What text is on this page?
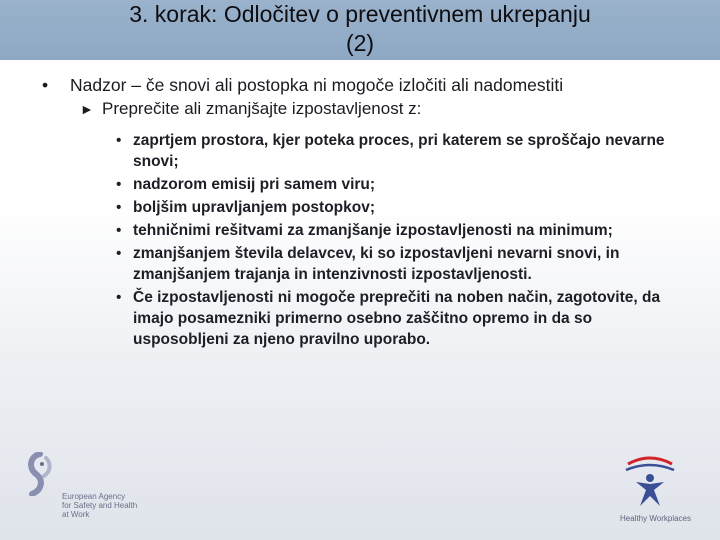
3. korak: Odločitev o preventivnem ukrepanju
(2)
• Nadzor – če snovi ali postopka ni mogoče izločiti ali nadomestiti
► Preprečite ali zmanjšajte izpostavljenost z:
• zaprtjem prostora, kjer poteka proces, pri katerem se sproščajo nevarne snovi;
• nadzorom emisij pri samem viru;
• boljšim upravljanjem postopkov;
• tehničnimi rešitvami za zmanjšanje izpostavljenosti na minimum;
• zmanjšanjem števila delavcev, ki so izpostavljeni nevarni snovi, in zmanjšanjem trajanja in intenzivnosti izpostavljenosti.
• Če izpostavljenosti ni mogoče preprečiti na noben način, zagotovite, da imajo posamezniki primerno osebno zaščitno opremo in da so usposobljeni za njeno pravilno uporabo.
European Agency
for Safety and Health
at Work	Healthy Workplaces
